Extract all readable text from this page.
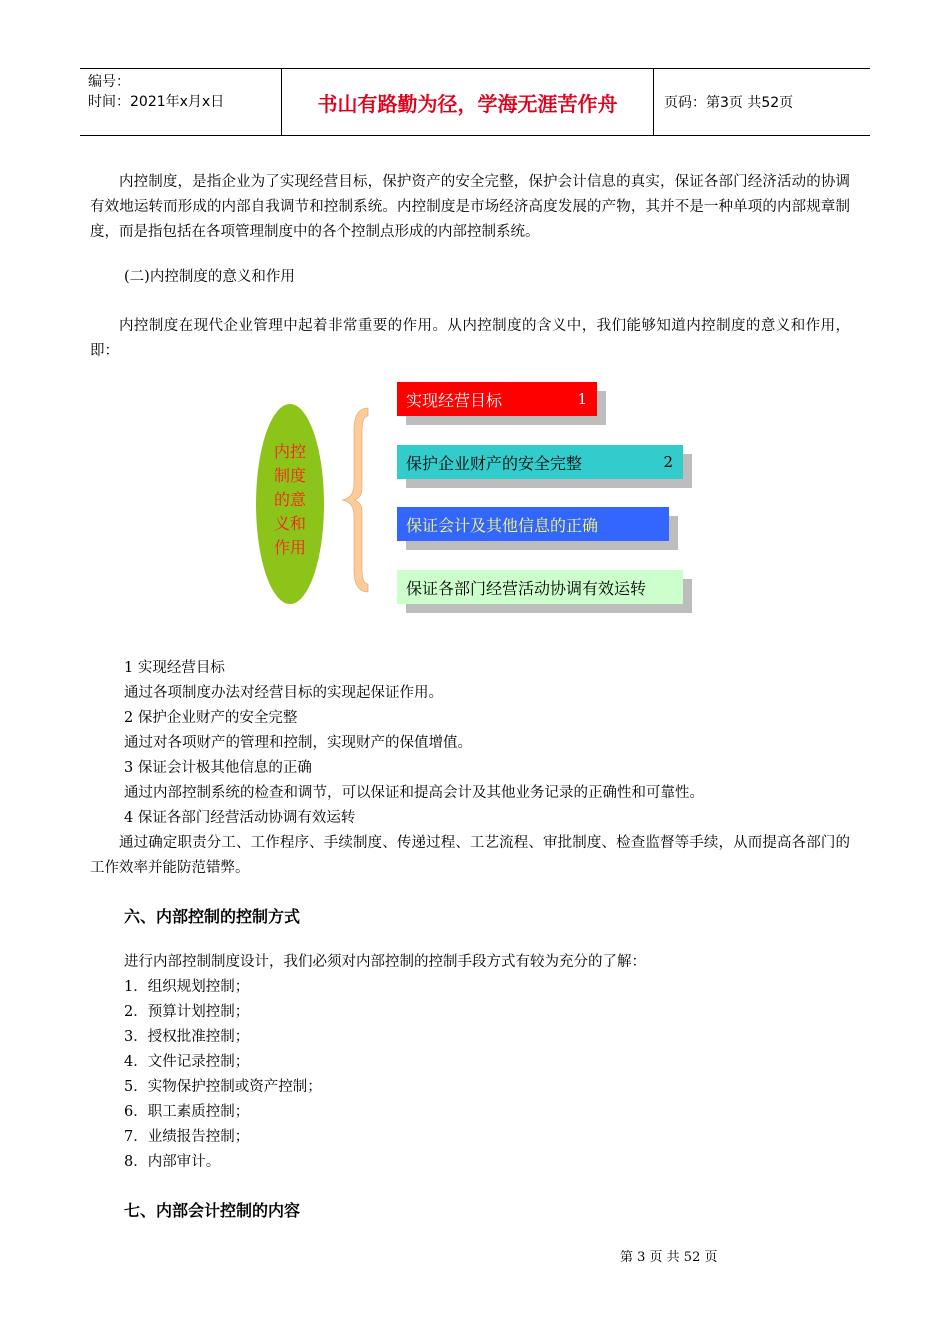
编号：
时间：2021年x月x日	书山有路勤为径，学海无涯苦作舟	页码：第3页 共52页

内控制度，是指企业为了实现经营目标，保护资产的安全完整，保护会计信息的真实，保证各部门经济活动的协调有效地运转而形成的内部自我调节和控制系统。内控制度是市场经济高度发展的产物，其并不是一种单项的内部规章制度，而是指包括在各项管理制度中的各个控制点形成的内部控制系统。

(二)内控制度的意义和作用

内控制度在现代企业管理中起着非常重要的作用。从内控制度的含义中，我们能够知道内控制度的意义和作用，即：

内控
制度
的意
义和
作用
实现经营目标	1
保护企业财产的安全完整	2
保证会计及其他信息的正确
保证各部门经营活动协调有效运转
1 实现经营目标
通过各项制度办法对经营目标的实现起保证作用。
2 保护企业财产的安全完整
通过对各项财产的管理和控制，实现财产的保值增值。
3 保证会计极其他信息的正确
通过内部控制系统的检查和调节，可以保证和提高会计及其他业务记录的正确性和可靠性。
4 保证各部门经营活动协调有效运转

通过确定职责分工、工作程序、手续制度、传递过程、工艺流程、审批制度、检查监督等手续，从而提高各部门的工作效率并能防范错弊。

六、内部控制的控制方式
进行内部控制制度设计，我们必须对内部控制的控制手段方式有较为充分的了解：
1．组织规划控制；
2．预算计划控制；
3．授权批准控制；
4．文件记录控制；
5．实物保护控制或资产控制；
6．职工素质控制；
7．业绩报告控制；
8．内部审计。
七、内部会计控制的内容
第 3 页 共 52 页
